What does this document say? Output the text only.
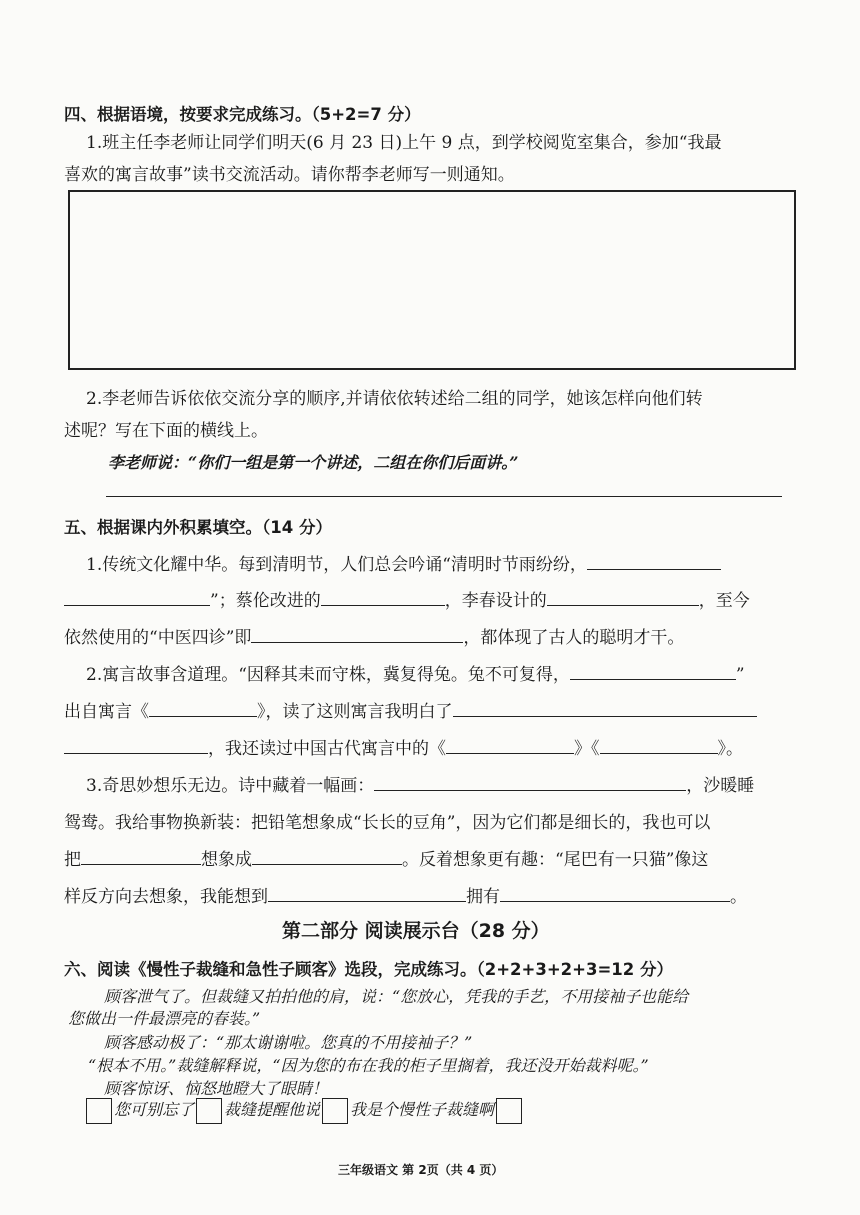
四、根据语境，按要求完成练习。（5+2=7 分）
1.班主任李老师让同学们明天(6 月 23 日)上午 9 点，到学校阅览室集合，参加“我最
喜欢的寓言故事”读书交流活动。请你帮李老师写一则通知。
2.李老师告诉依依交流分享的顺序,并请依依转述给二组的同学，她该怎样向他们转
述呢？写在下面的横线上。
李老师说：“你们一组是第一个讲述，二组在你们后面讲。”
五、根据课内外积累填空。（14 分）
1.传统文化耀中华。每到清明节，人们总会吟诵“清明时节雨纷纷，
”；蔡伦改进的	，李春设计的	，至今
依然使用的“中医四诊”即	，都体现了古人的聪明才干。
2.寓言故事含道理。“因释其耒而守株，冀复得兔。兔不可复得，	”
出自寓言《	》，读了这则寓言我明白了
，我还读过中国古代寓言中的《	》《	》。
3.奇思妙想乐无边。诗中藏着一幅画：	，沙暖睡
鸳鸯。我给事物换新装：把铅笔想象成“长长的豆角”，因为它们都是细长的，我也可以
把	想象成	。反着想象更有趣：“尾巴有一只猫”像这
样反方向去想象，我能想到	拥有	。
第二部分 阅读展示台（28 分）
六、阅读《慢性子裁缝和急性子顾客》选段，完成练习。（2+2+3+2+3=12 分）
顾客泄气了。但裁缝又拍拍他的肩，说：“您放心，凭我的手艺，不用接袖子也能给
您做出一件最漂亮的春装。”
顾客感动极了：“那太谢谢啦。您真的不用接袖子？”
“根本不用。”裁缝解释说，“因为您的布在我的柜子里搁着，我还没开始裁料呢。”
顾客惊讶、恼怒地瞪大了眼睛！
您可别忘了 裁缝提醒他说 我是个慢性子裁缝啊
三年级语文 第 2页（共 4 页）
